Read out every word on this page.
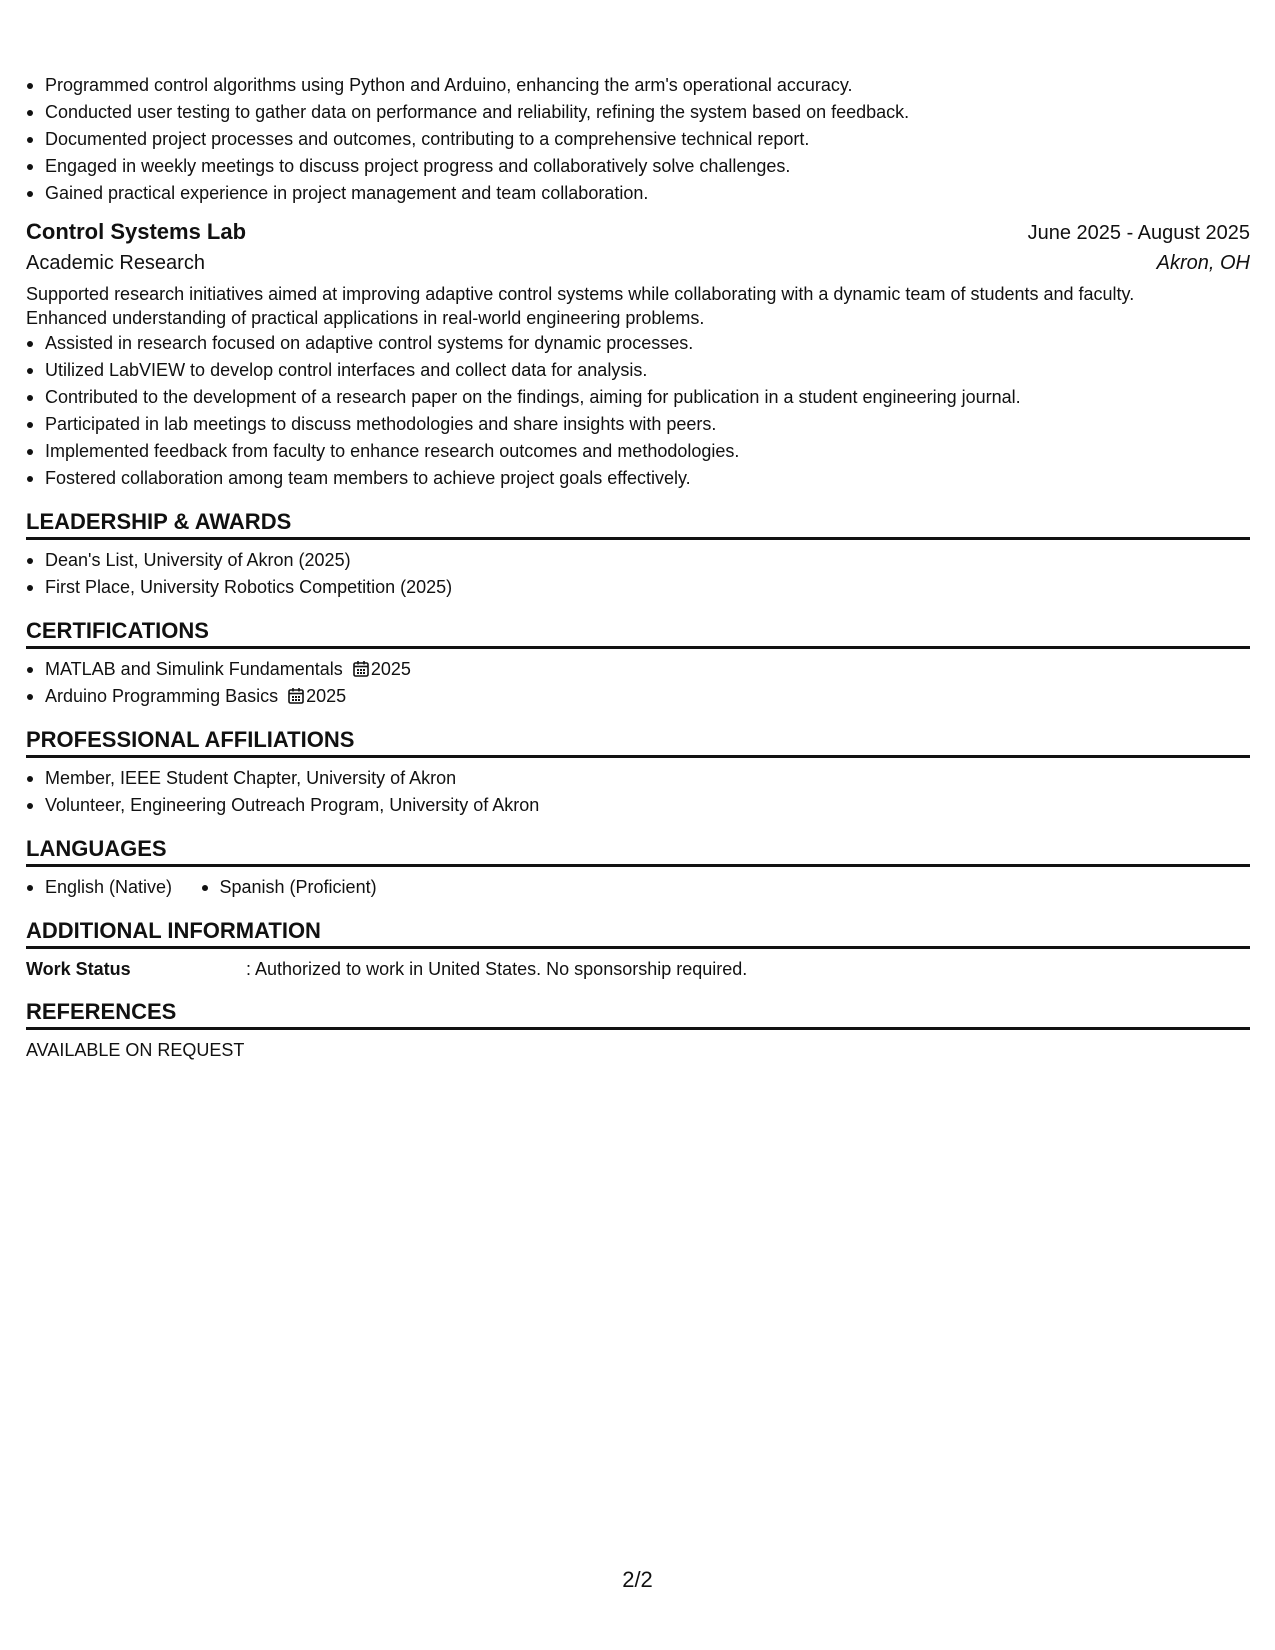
Programmed control algorithms using Python and Arduino, enhancing the arm's operational accuracy.
Conducted user testing to gather data on performance and reliability, refining the system based on feedback.
Documented project processes and outcomes, contributing to a comprehensive technical report.
Engaged in weekly meetings to discuss project progress and collaboratively solve challenges.
Gained practical experience in project management and team collaboration.
Control Systems Lab	June 2025 - August 2025
Academic Research	Akron, OH
Supported research initiatives aimed at improving adaptive control systems while collaborating with a dynamic team of students and faculty.
Enhanced understanding of practical applications in real-world engineering problems.
Assisted in research focused on adaptive control systems for dynamic processes.
Utilized LabVIEW to develop control interfaces and collect data for analysis.
Contributed to the development of a research paper on the findings, aiming for publication in a student engineering journal.
Participated in lab meetings to discuss methodologies and share insights with peers.
Implemented feedback from faculty to enhance research outcomes and methodologies.
Fostered collaboration among team members to achieve project goals effectively.
LEADERSHIP & AWARDS
Dean's List, University of Akron (2025)
First Place, University Robotics Competition (2025)
CERTIFICATIONS
MATLAB and Simulink Fundamentals 2025
Arduino Programming Basics 2025
PROFESSIONAL AFFILIATIONS
Member, IEEE Student Chapter, University of Akron
Volunteer, Engineering Outreach Program, University of Akron
LANGUAGES
English (Native)	Spanish (Proficient)
ADDITIONAL INFORMATION
Work Status	: Authorized to work in United States. No sponsorship required.
REFERENCES
AVAILABLE ON REQUEST
2/2
